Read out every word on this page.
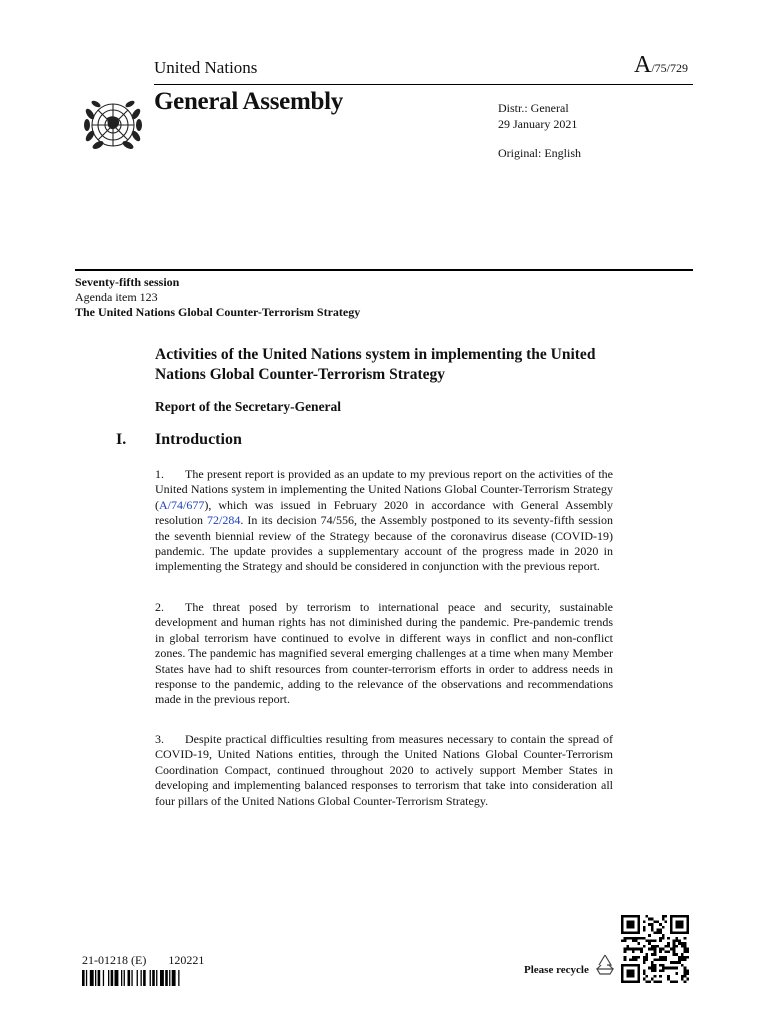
United Nations	A/75/729
General Assembly	Distr.: General
29 January 2021
Original: English
Seventy-fifth session
Agenda item 123
The United Nations Global Counter-Terrorism Strategy
Activities of the United Nations system in implementing the United Nations Global Counter-Terrorism Strategy
Report of the Secretary-General
I. Introduction

1. The present report is provided as an update to my previous report on the activities of the United Nations system in implementing the United Nations Global Counter-Terrorism Strategy (A/74/677), which was issued in February 2020 in accordance with General Assembly resolution 72/284. In its decision 74/556, the Assembly postponed to its seventy-fifth session the seventh biennial review of the Strategy because of the coronavirus disease (COVID-19) pandemic. The update provides a supplementary account of the progress made in 2020 in implementing the Strategy and should be considered in conjunction with the previous report.

2. The threat posed by terrorism to international peace and security, sustainable development and human rights has not diminished during the pandemic. Pre-pandemic trends in global terrorism have continued to evolve in different ways in conflict and non-conflict zones. The pandemic has magnified several emerging challenges at a time when many Member States have had to shift resources from counter-terrorism efforts in order to address needs in response to the pandemic, adding to the relevance of the observations and recommendations made in the previous report.

3. Despite practical difficulties resulting from measures necessary to contain the spread of COVID-19, United Nations entities, through the United Nations Global Counter-Terrorism Coordination Compact, continued throughout 2020 to actively support Member States in developing and implementing balanced responses to terrorism that take into consideration all four pillars of the United Nations Global Counter-Terrorism Strategy.

21-01218 (E) 120221
Please recycle
